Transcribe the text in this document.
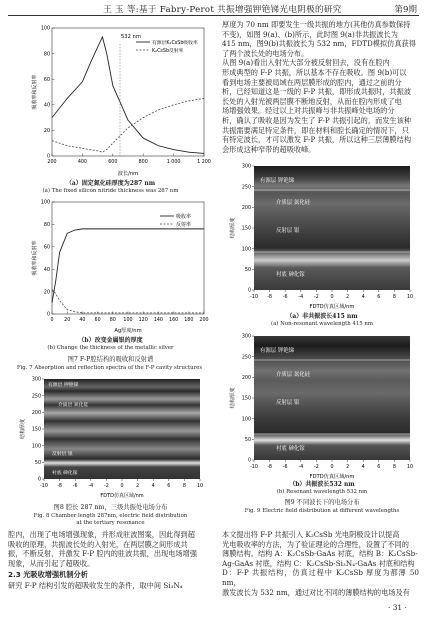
王 玉 等:基于 Fabry-Perot 共振增强钾铯锑光电阴极的研究	第9期
200	400	600	800	1 000	1 200
0
20
40
60
80
100
532 nm
有源层K₂CsSb吸收率
K₂CsSb反射率
吸收率和反射率
波长/nm
（a）固定氮化硅厚度为287 nm
(a) The fixed silicon nitride thickness was 287 nm
0 20 40 60 80 100 120 140 160 180 200
0
20
40
60
80
100
吸收率
反射率
吸收率和反射率
Ag厚度/nm
（b）改变金属银的厚度
(b) Change the thickness of the metallic silver
图7 F-P腔结构的吸收和反射谱
Fig. 7 Absorption and reflection spectra of the F-P cavity structures
厚度为 70 nm 即要发生一级共振的地方(其他仿真参数保持
不变)，如图 9(a)、(b)所示，此时图 9(a)非共振波长为
415 nm，图9(b)共振波长为 532 nm，FDTD模拟仿真获得
了两个波长处的电场分布。
从图 9(a)看出入射光大部分被反射回去，没有在腔内
形成典型的 F-P 共振，所以基本不存在吸收。图 9(b)可以
看到电场主要被局域在两层膜形成的腔内，通过之前的分
析，已经知道这是一级的 F-P 共振，即形成共振时，共振波
长处的入射光被两层膜不断地反射，从而在腔内形成了电
场增强效果。经过以上对共振峰与非共振峰处电场的分
析，确认了吸收是因为发生了 F-P 共振引起的，而发生该种
共振需要满足特定条件，即在材料和腔长确定的情况下，只
有特定波长，才可以激发 F-P 共振，所以这种三层薄膜结构
会形成这种窄带的超吸收峰。
有源层 钾铯锑
介质层 氮化硅
反射层 银
衬底 砷化镓
-10 -8 -6 -4 -2 0	2	4	6	8 10
0
50
100
150
200
250
300
结构厚度
FDTD仿真区域/nm
（a）非共振波长415 nm
(a) Non-resonant wavelength 415 nm
有源层 钾铯锑
介质层 氮化硅
反射层 银
衬底 砷化镓
-10 -8 -6 -4 -2 0	2	4	6	8 10
0
50
100
150
200
250
300
结构厚度
FDTD仿真区域/nm
（b）共振波长532 nm
(b) Resonant wavelength 532 nm
图9 不同波长下的电场分布
Fig. 9 Electric field distribution at different wavelengths
有源层 钾铯锑
介质层 氮化硅
反射层 银
衬底 砷化镓
-10 -8 -6 -4 -2 0	2	4	6	8 10
0
50
100
150
200
250
300
结构厚度
FDTD仿真区域/nm
图8 腔长 287 nm，三级共振处电场分布
Fig. 8 Chamber length 287nm, electric field distribution
at the tertiary resonance
腔内，出现了电场增强现象，并形成驻波图案，因此得到超
吸收的原理，共振波长处的入射光，在两层膜之间形成共
振，不断反射，并激发 F-P 腔内的驻波共振，出现电场增强
现象，从而引起了超吸收。
2.3 光吸收增强机制分析
研究 F-P 结构引发的超吸收发生的条件，取中间 Si₃N₄
本文提出将 F-P 共振引入 K₂CsSb 光电阴极设计以提高
光电吸收率的方法，为了验证理论的合理性，设置了不同的
薄膜结构。结构 A：K₂CsSb-GaAs 衬底，结构 B：K₂CsSb-
Ag-GaAs 衬底，结构 C：K₂CsSb-Si₃N₄-GaAs 衬底和结构
D：F-P 共振结构，仿真过程中 K₂CsSb 厚度为都薄 50 nm，
激发波长为 532 nm，通过对比不同的薄膜结构的电场及有
· 31 ·
